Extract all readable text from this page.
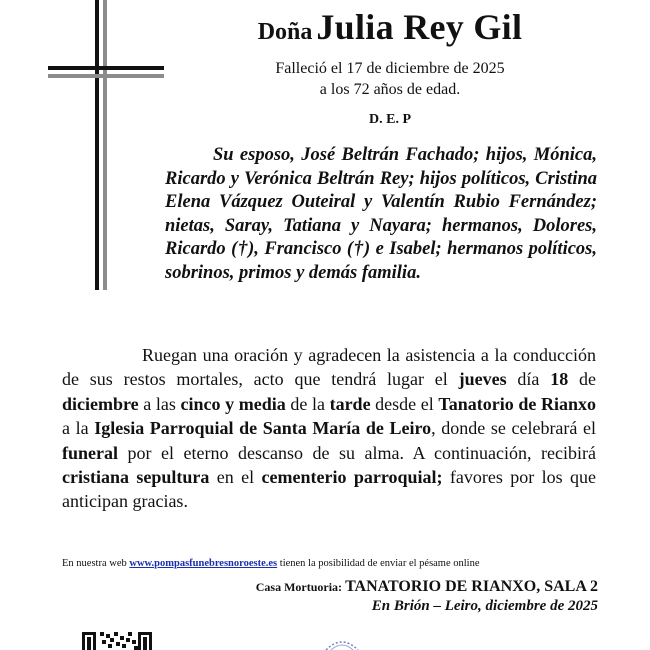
Doña Julia Rey Gil
Falleció el 17 de diciembre de 2025
a los 72 años de edad.
D. E. P
Su esposo, José Beltrán Fachado; hijos, Mónica, Ricardo y Verónica Beltrán Rey; hijos políticos, Cristina Elena Vázquez Outeiral y Valentín Rubio Fernández; nietas, Saray, Tatiana y Nayara; hermanos, Dolores, Ricardo (†), Francisco (†) e Isabel; hermanos políticos, sobrinos, primos y demás familia.
Ruegan una oración y agradecen la asistencia a la conducción de sus restos mortales, acto que tendrá lugar el jueves día 18 de diciembre a las cinco y media de la tarde desde el Tanatorio de Rianxo a la Iglesia Parroquial de Santa María de Leiro, donde se celebrará el funeral por el eterno descanso de su alma. A continuación, recibirá cristiana sepultura en el cementerio parroquial; favores por los que anticipan gracias.
En nuestra web www.pompasfunebresnoroeste.es tienen la posibilidad de enviar el pésame online
Casa Mortuoria: TANATORIO DE RIANXO, SALA 2
En Brión – Leiro, diciembre de 2025
